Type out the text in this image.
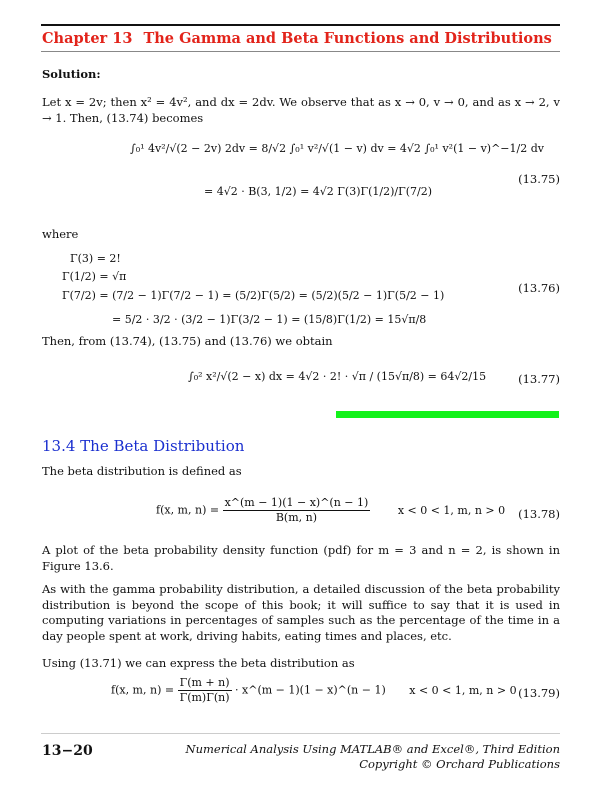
Chapter 13 The Gamma and Beta Functions and Distributions
Solution:
Let x = 2v; then x² = 4v², and dx = 2dv. We observe that as x → 0, v → 0, and as x → 2, v → 1. Then, (13.74) becomes
∫₀¹ 4v²/√(2 − 2v) 2dv = 8/√2 ∫₀¹ v²/√(1 − v) dv = 4√2 ∫₀¹ v²(1 − v)^−1/2 dv
= 4√2 · B(3, 1/2) = 4√2 Γ(3)Γ(1/2)/Γ(7/2)
(13.75)
where
Γ(3) = 2!
Γ(1/2) = √π
Γ(7/2) = (7/2 − 1)Γ(7/2 − 1) = (5/2)Γ(5/2) = (5/2)(5/2 − 1)Γ(5/2 − 1)
= 5/2 · 3/2 · (3/2 − 1)Γ(3/2 − 1) = (15/8)Γ(1/2) = 15√π/8
(13.76)
Then, from (13.74), (13.75) and (13.76) we obtain
∫₀² x²/√(2 − x) dx = 4√2 · 2! · √π / (15√π/8) = 64√2/15	(13.77)
13.4 The Beta Distribution
The beta distribution is defined as
f(x, m, $n) = \frac{x\^{}(m - 1)(1 - x)\^{}(n - 1)}{B(m, n)}$	x < 0 < 1, m, n > 0 (13.78)
A plot of the beta probability density function (pdf) for m = 3 and n = 2, is shown in Figure 13.6.
As with the gamma probability distribution, a detailed discussion of the beta probability distribution is beyond the scope of this book; it will suffice to say that it is used in computing variations in percentages of samples such as the percentage of the time in a day people spent at work, driving habits, eating times and places, etc.
Using (13.71) we can express the beta distribution as
f(x, m, $n) = \frac{\Gamma(m + n)}{\Gamma(m)\Gamma(n)}$ · x^(m − 1)(1 − x)^(n − 1) x < 0 < 1, m, n > 0 (13.79)
13−20	Numerical Analysis Using MATLAB® and Excel®, Third Edition
Copyright © Orchard Publications
